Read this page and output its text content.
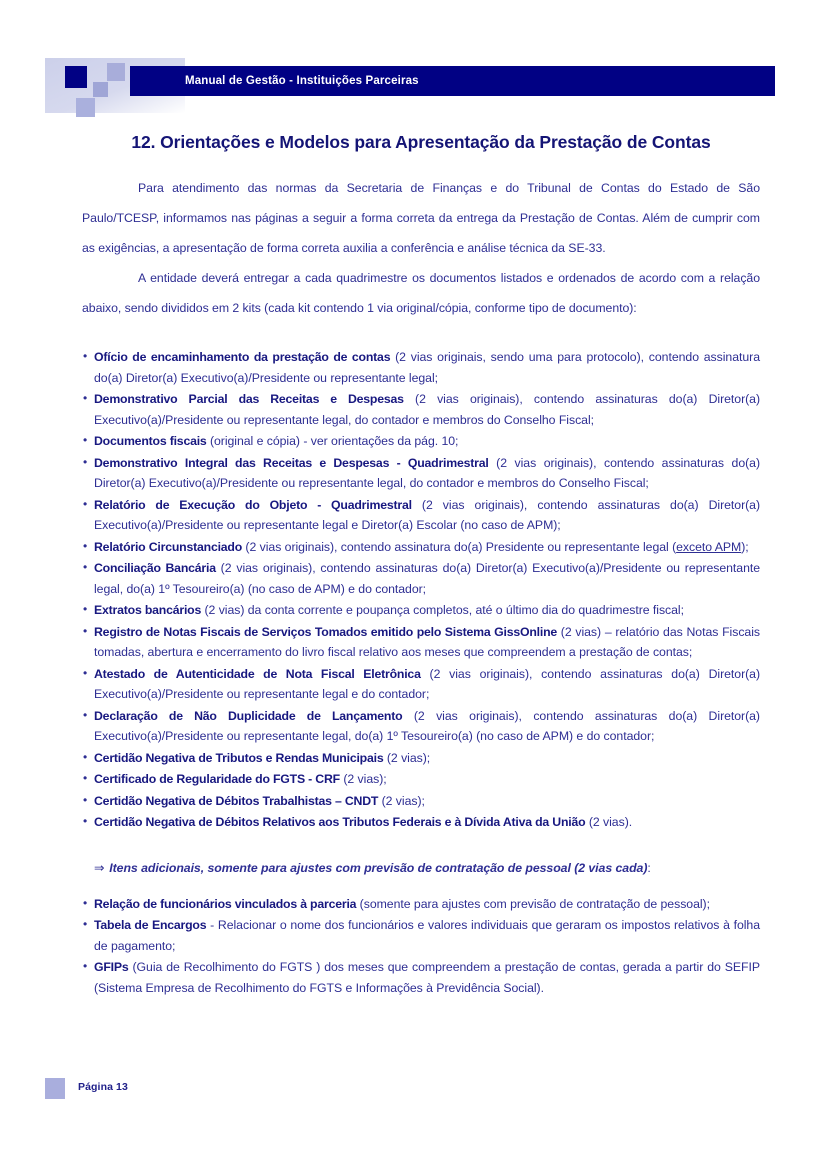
Manual de Gestão - Instituições Parceiras
12. Orientações e Modelos para Apresentação da Prestação de Contas

Para atendimento das normas da Secretaria de Finanças e do Tribunal de Contas do Estado de São Paulo/TCESP, informamos nas páginas a seguir a forma correta da entrega da Prestação de Contas. Além de cumprir com as exigências, a apresentação de forma correta auxilia a conferência e análise técnica da SE-33.

A entidade deverá entregar a cada quadrimestre os documentos listados e ordenados de acordo com a relação abaixo, sendo divididos em 2 kits (cada kit contendo 1 via original/cópia, conforme tipo de documento):

• Ofício de encaminhamento da prestação de contas (2 vias originais, sendo uma para protocolo), contendo assinatura do(a) Diretor(a) Executivo(a)/Presidente ou representante legal;
• Demonstrativo Parcial das Receitas e Despesas (2 vias originais), contendo assinaturas do(a) Diretor(a) Executivo(a)/Presidente ou representante legal, do contador e membros do Conselho Fiscal;
• Documentos fiscais (original e cópia) - ver orientações da pág. 10;
• Demonstrativo Integral das Receitas e Despesas - Quadrimestral (2 vias originais), contendo assinaturas do(a) Diretor(a) Executivo(a)/Presidente ou representante legal, do contador e membros do Conselho Fiscal;
• Relatório de Execução do Objeto - Quadrimestral (2 vias originais), contendo assinaturas do(a) Diretor(a) Executivo(a)/Presidente ou representante legal e Diretor(a) Escolar (no caso de APM);
• Relatório Circunstanciado (2 vias originais), contendo assinatura do(a) Presidente ou representante legal (exceto APM);
• Conciliação Bancária (2 vias originais), contendo assinaturas do(a) Diretor(a) Executivo(a)/Presidente ou representante legal, do(a) 1º Tesoureiro(a) (no caso de APM) e do contador;
• Extratos bancários (2 vias) da conta corrente e poupança completos, até o último dia do quadrimestre fiscal;
• Registro de Notas Fiscais de Serviços Tomados emitido pelo Sistema GissOnline (2 vias) – relatório das Notas Fiscais tomadas, abertura e encerramento do livro fiscal relativo aos meses que compreendem a prestação de contas;
• Atestado de Autenticidade de Nota Fiscal Eletrônica (2 vias originais), contendo assinaturas do(a) Diretor(a) Executivo(a)/Presidente ou representante legal e do contador;
• Declaração de Não Duplicidade de Lançamento (2 vias originais), contendo assinaturas do(a) Diretor(a) Executivo(a)/Presidente ou representante legal, do(a) 1º Tesoureiro(a) (no caso de APM) e do contador;
• Certidão Negativa de Tributos e Rendas Municipais (2 vias);
• Certificado de Regularidade do FGTS - CRF (2 vias);
• Certidão Negativa de Débitos Trabalhistas – CNDT (2 vias);
• Certidão Negativa de Débitos Relativos aos Tributos Federais e à Dívida Ativa da União (2 vias).
⇒ Itens adicionais, somente para ajustes com previsão de contratação de pessoal (2 vias cada):
• Relação de funcionários vinculados à parceria (somente para ajustes com previsão de contratação de pessoal);
• Tabela de Encargos - Relacionar o nome dos funcionários e valores individuais que geraram os impostos relativos à folha de pagamento;
• GFIPs (Guia de Recolhimento do FGTS ) dos meses que compreendem a prestação de contas, gerada a partir do SEFIP (Sistema Empresa de Recolhimento do FGTS e Informações à Previdência Social).
Página 13
